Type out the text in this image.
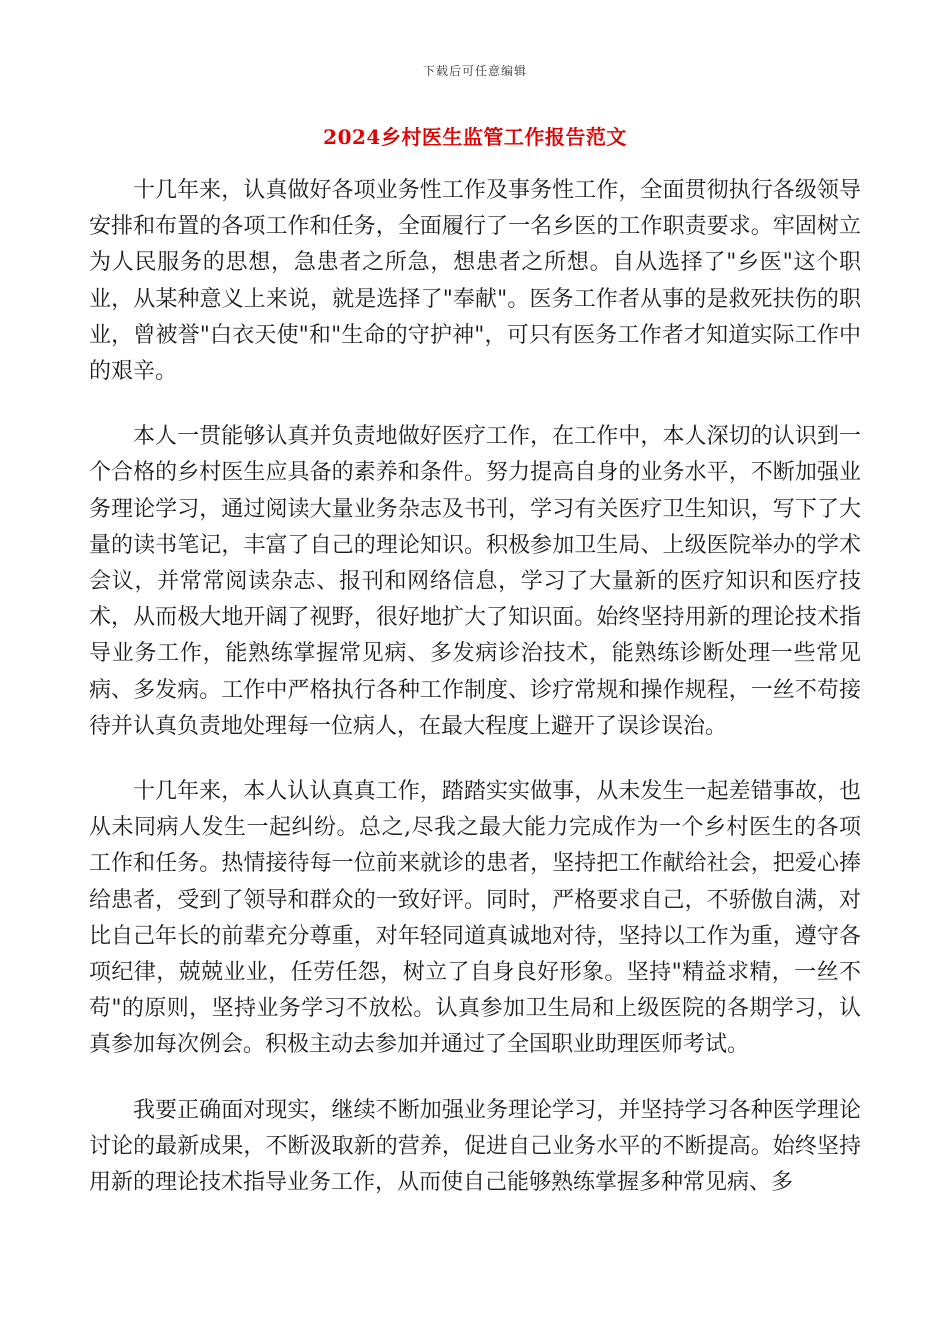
下载后可任意编辑
2024乡村医生监管工作报告范文

十几年来，认真做好各项业务性工作及事务性工作，全面贯彻执行各级领导安排和布置的各项工作和任务，全面履行了一名乡医的工作职责要求。牢固树立为人民服务的思想，急患者之所急，想患者之所想。自从选择了"乡医"这个职业，从某种意义上来说，就是选择了"奉献"。医务工作者从事的是救死扶伤的职业，曾被誉"白衣天使"和"生命的守护神"，可只有医务工作者才知道实际工作中的艰辛。

本人一贯能够认真并负责地做好医疗工作，在工作中，本人深切的认识到一个合格的乡村医生应具备的素养和条件。努力提高自身的业务水平，不断加强业务理论学习，通过阅读大量业务杂志及书刊，学习有关医疗卫生知识，写下了大量的读书笔记，丰富了自己的理论知识。积极参加卫生局、上级医院举办的学术会议，并常常阅读杂志、报刊和网络信息，学习了大量新的医疗知识和医疗技术，从而极大地开阔了视野，很好地扩大了知识面。始终坚持用新的理论技术指导业务工作，能熟练掌握常见病、多发病诊治技术，能熟练诊断处理一些常见病、多发病。工作中严格执行各种工作制度、诊疗常规和操作规程，一丝不苟接待并认真负责地处理每一位病人，在最大程度上避开了误诊误治。

十几年来，本人认认真真工作，踏踏实实做事，从未发生一起差错事故，也从未同病人发生一起纠纷。总之,尽我之最大能力完成作为一个乡村医生的各项工作和任务。热情接待每一位前来就诊的患者，坚持把工作献给社会，把爱心捧给患者，受到了领导和群众的一致好评。同时，严格要求自己，不骄傲自满，对比自己年长的前辈充分尊重，对年轻同道真诚地对待，坚持以工作为重，遵守各项纪律，兢兢业业，任劳任怨，树立了自身良好形象。坚持"精益求精，一丝不苟"的原则，坚持业务学习不放松。认真参加卫生局和上级医院的各期学习，认真参加每次例会。积极主动去参加并通过了全国职业助理医师考试。

我要正确面对现实，继续不断加强业务理论学习，并坚持学习各种医学理论讨论的最新成果，不断汲取新的营养，促进自己业务水平的不断提高。始终坚持用新的理论技术指导业务工作，从而使自己能够熟练掌握多种常见病、多
